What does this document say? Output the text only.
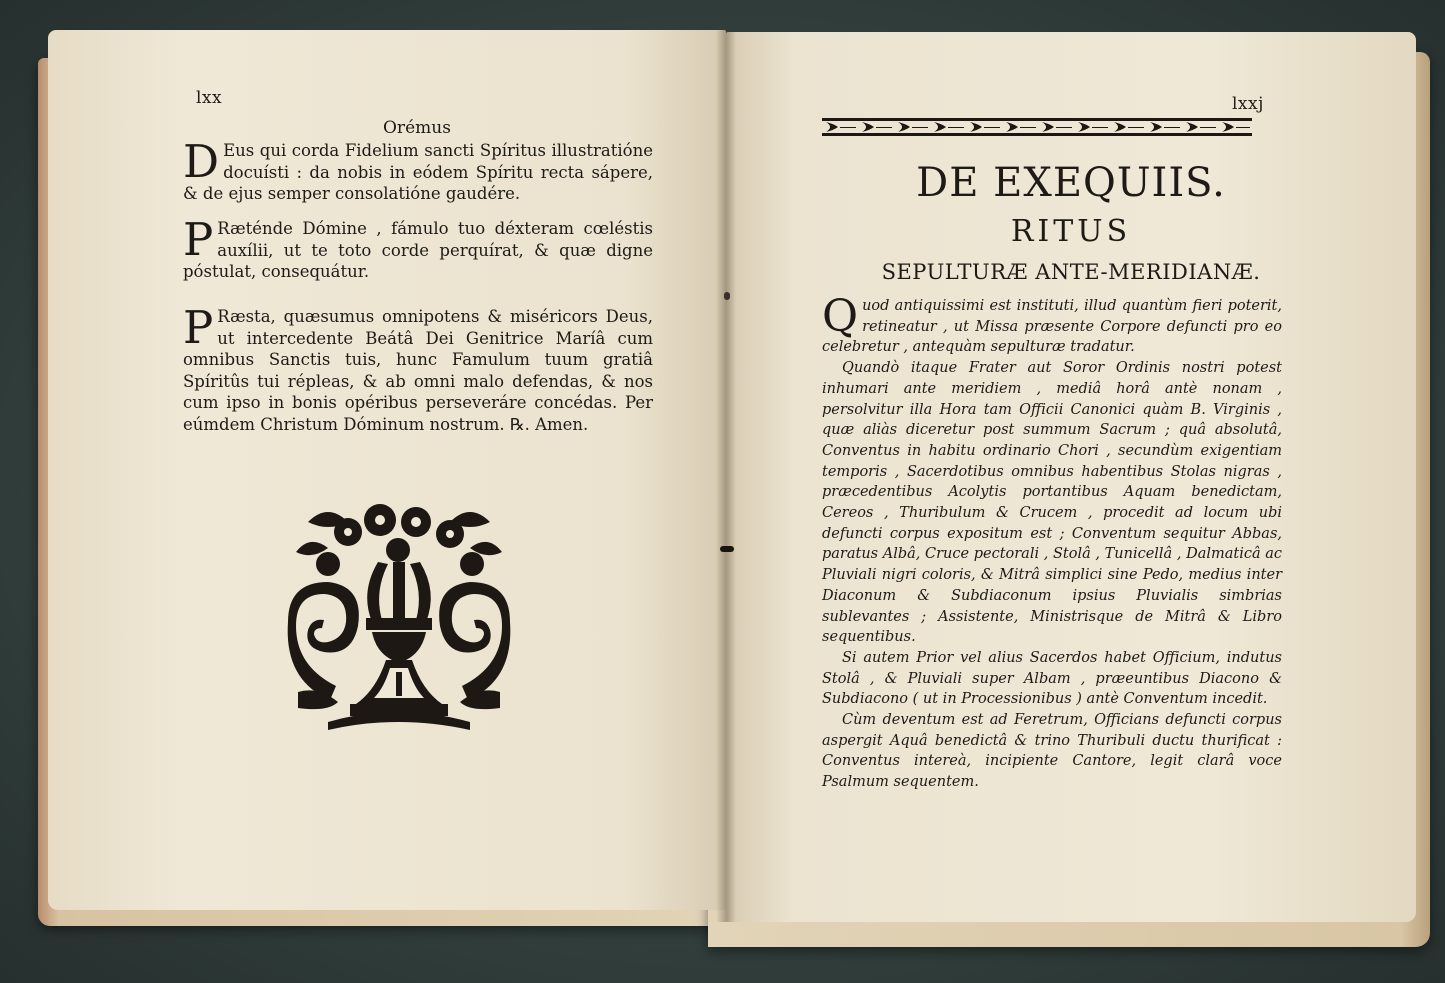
lxx
Orémus
D Eus qui corda Fidelium sancti Spíritus illustratióne docuísti : da nobis in eódem Spíritu recta sápere, & de ejus semper consolatióne gaudére.
P Ræténde Dómine , fámulo tuo déxteram cœléstis auxílii, ut te toto corde perquírat, & quæ digne póstulat, consequátur.
P Ræsta, quæsumus omnipotens & miséricors Deus, ut intercedente Beátâ Dei Genitrice Maríâ cum omnibus Sanctis tuis, hunc Famulum tuum gratiâ Spíritûs tui répleas, & ab omni malo defendas, & nos cum ipso in bonis opéribus perseveráre concédas. Per eúmdem Christum Dóminum nostrum. ℞. Amen.
lxxj
DE EXEQUIIS.
RITUS
SEPULTURÆ ANTE-MERIDIANÆ.

Quod antiquissimi est instituti, illud quantùm fieri poterit, retineatur , ut Missa præsente Corpore defuncti pro eo celebretur , antequàm sepulturæ tradatur.

Quandò itaque Frater aut Soror Ordinis nostri potest inhumari ante meridiem , mediâ horâ antè nonam , persolvitur illa Hora tam Officii Canonici quàm B. Virginis , quæ aliàs diceretur post summum Sacrum ; quâ absolutâ, Conventus in habitu ordinario Chori , secundùm exigentiam temporis , Sacerdotibus omnibus habentibus Stolas nigras , præcedentibus Acolytis portantibus Aquam benedictam, Cereos , Thuribulum & Crucem , procedit ad locum ubi defuncti corpus expositum est ; Conventum sequitur Abbas, paratus Albâ, Cruce pectorali , Stolâ , Tunicellâ , Dalmaticâ ac Pluviali nigri coloris, & Mitrâ simplici sine Pedo, medius inter Diaconum & Subdiaconum ipsius Pluvialis simbrias sublevantes ; Assistente, Ministrisque de Mitrâ & Libro sequentibus.

Si autem Prior vel alius Sacerdos habet Officium, indutus Stolâ , & Pluviali super Albam , præeuntibus Diacono & Subdiacono ( ut in Processionibus ) antè Conventum incedit.

Cùm deventum est ad Feretrum, Officians defuncti corpus aspergit Aquâ benedictâ & trino Thuribuli ductu thurificat : Conventus intereà, incipiente Cantore, legit clarâ voce Psalmum sequentem.
